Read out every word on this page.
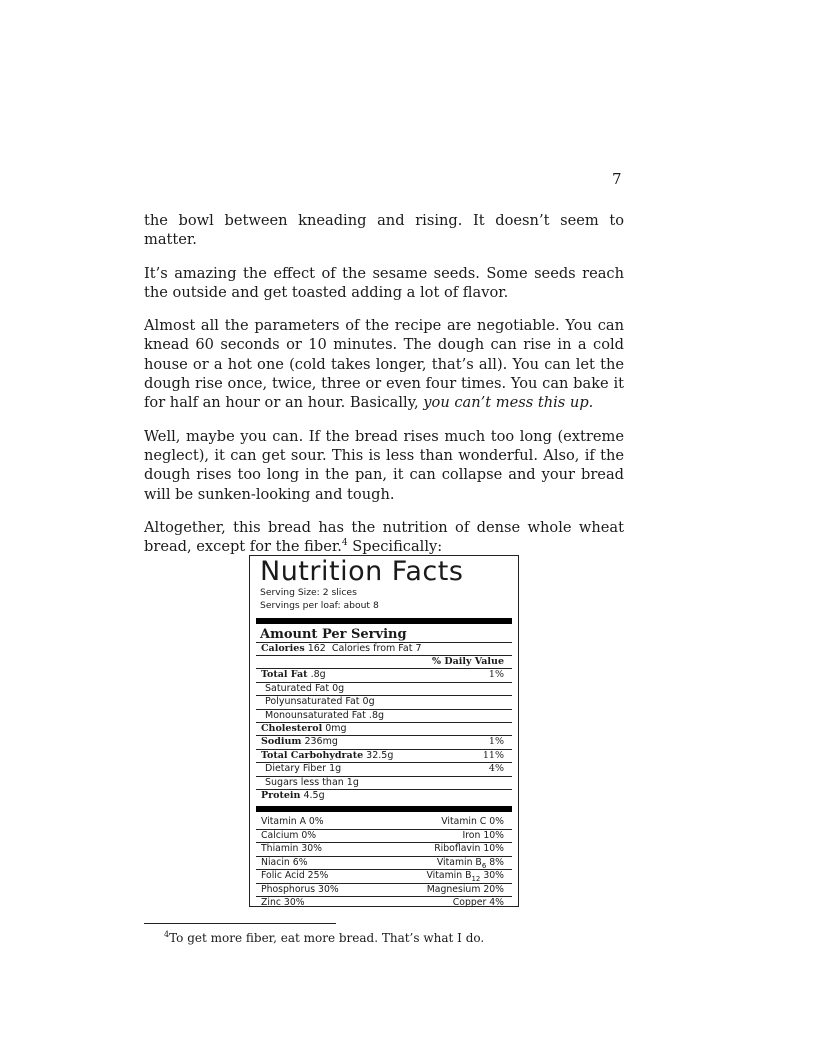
7

the bowl between kneading and rising. It doesn’t seem to matter.

It’s amazing the effect of the sesame seeds. Some seeds reach the outside and get toasted adding a lot of flavor.

Almost all the parameters of the recipe are negotiable. You can knead 60 seconds or 10 minutes. The dough can rise in a cold house or a hot one (cold takes longer, that’s all). You can let the dough rise once, twice, three or even four times. You can bake it for half an hour or an hour. Basically, you can’t mess this up.

Well, maybe you can. If the bread rises much too long (extreme neglect), it can get sour. This is less than wonderful. Also, if the dough rises too long in the pan, it can collapse and your bread will be sunken-looking and tough.

Altogether, this bread has the nutrition of dense whole wheat bread, except for the fiber.$^4$ Specifically:

Nutrition Facts
Serving Size: 2 slices
Servings per loaf: about 8
Amount Per Serving
Calories 162 Calories from Fat 7
% Daily Value
Total Fat .8g	1%
Saturated Fat 0g
Polyunsaturated Fat 0g
Monounsaturated Fat .8g
Cholesterol 0mg
Sodium 236mg	1%
Total Carbohydrate 32.5g	11%
Dietary Fiber 1g	4%
Sugars less than 1g
Protein 4.5g
Vitamin A 0%	Vitamin C 0%
Calcium 0%	Iron 10%
Thiamin 30%	Riboflavin 10%
Niacin 6%	Vitamin $B_6$ 8%
Folic Acid 25%	Vitamin $B_{12}$ 30%
Phosphorus 30%	Magnesium 20%
Zinc 30%	Copper 4%
$^4$To get more fiber, eat more bread. That’s what I do.
